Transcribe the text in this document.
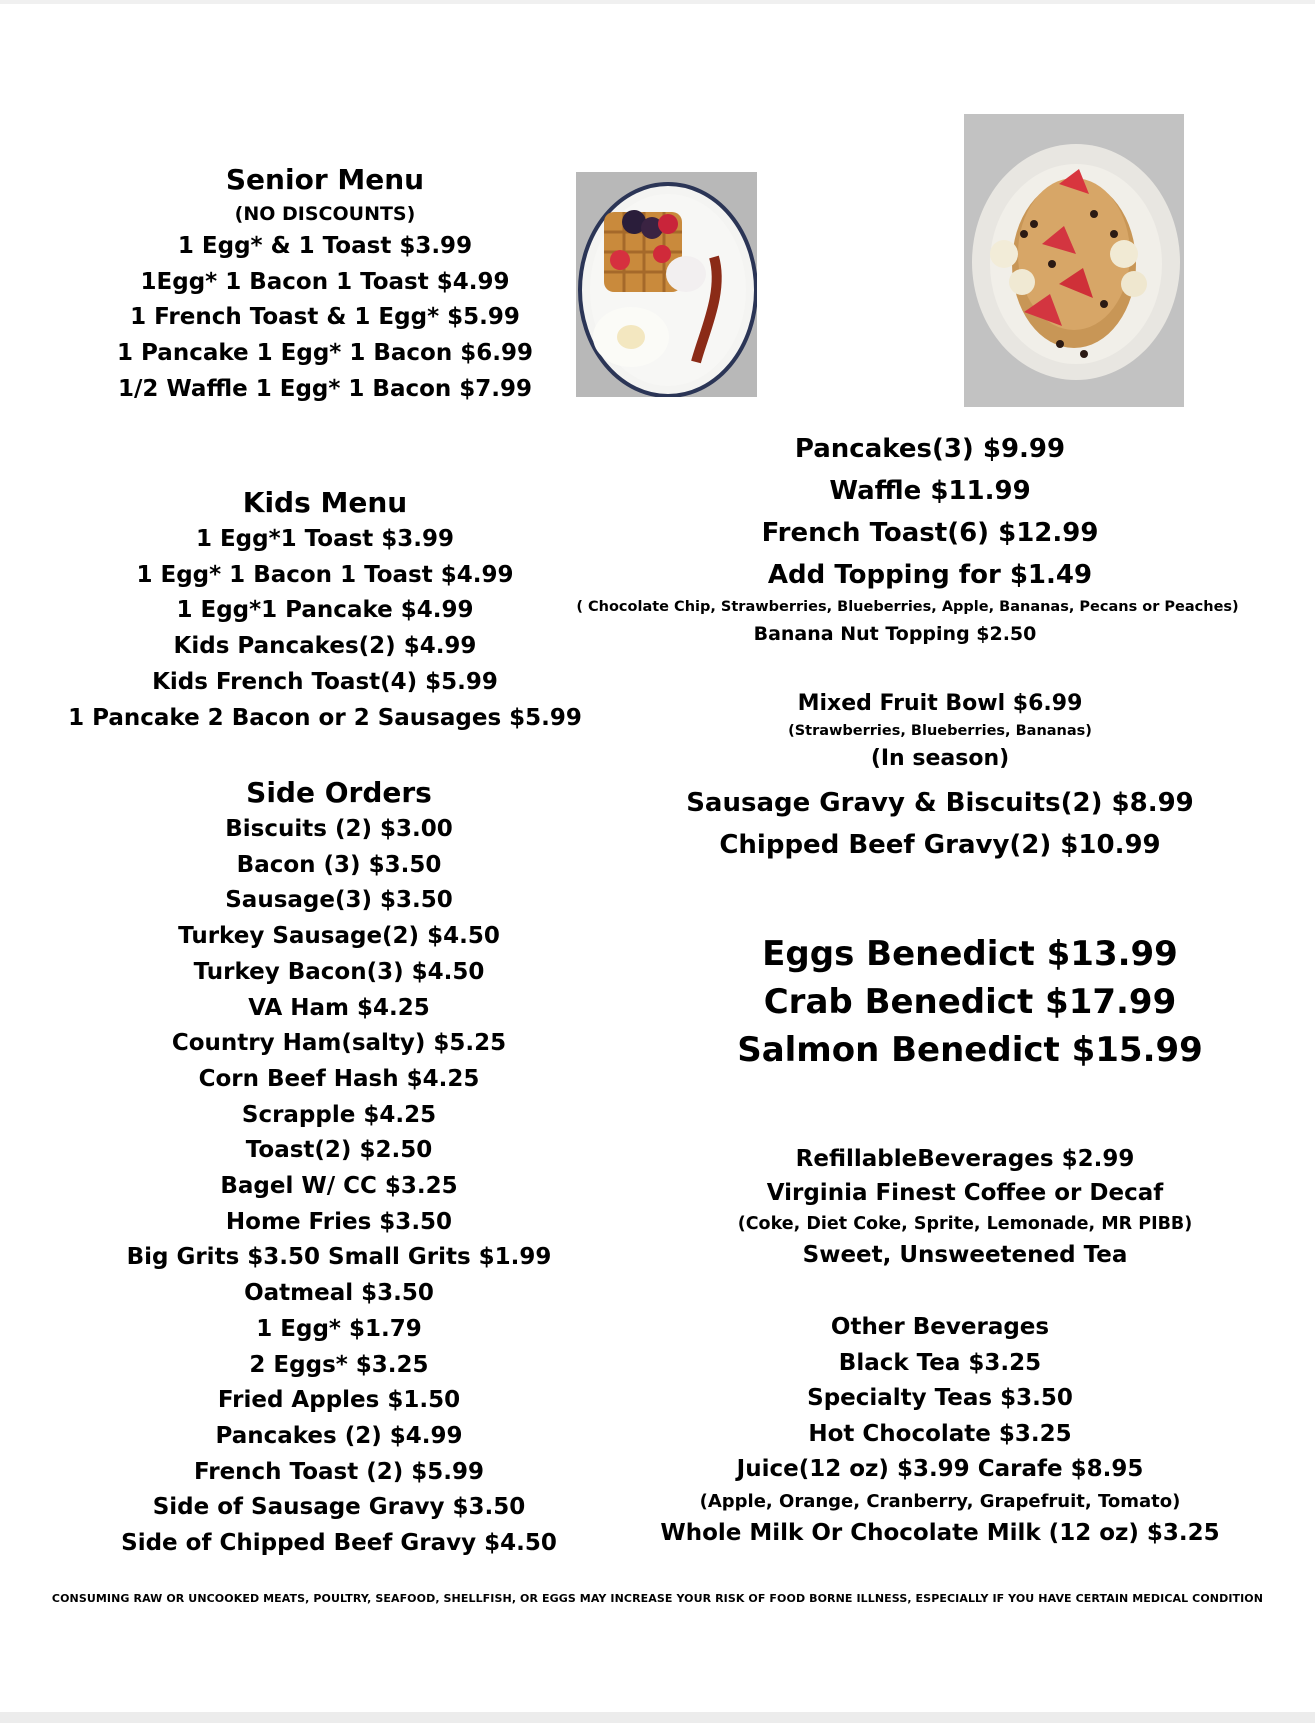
Senior Menu
(NO DISCOUNTS)
1 Egg* & 1 Toast $3.99
1Egg* 1 Bacon 1 Toast $4.99
1 French Toast & 1 Egg* $5.99
1 Pancake 1 Egg* 1 Bacon $6.99
1/2 Waffle 1 Egg* 1 Bacon $7.99
Kids Menu
1 Egg*1 Toast $3.99
1 Egg* 1 Bacon 1 Toast $4.99
1 Egg*1 Pancake $4.99
Kids Pancakes(2) $4.99
Kids French Toast(4) $5.99
1 Pancake 2 Bacon or 2 Sausages $5.99
Side Orders
Biscuits (2) $3.00
Bacon (3) $3.50
Sausage(3) $3.50
Turkey Sausage(2) $4.50
Turkey Bacon(3) $4.50
VA Ham $4.25
Country Ham(salty) $5.25
Corn Beef Hash $4.25
Scrapple $4.25
Toast(2) $2.50
Bagel W/ CC $3.25
Home Fries $3.50
Big Grits $3.50 Small Grits $1.99
Oatmeal $3.50
1 Egg* $1.79
2 Eggs* $3.25
Fried Apples $1.50
Pancakes (2) $4.99
French Toast (2) $5.99
Side of Sausage Gravy $3.50
Side of Chipped Beef Gravy $4.50
Pancakes(3) $9.99
Waffle $11.99
French Toast(6) $12.99
Add Topping for $1.49
( Chocolate Chip, Strawberries, Blueberries, Apple, Bananas, Pecans or Peaches)
Banana Nut Topping $2.50
Mixed Fruit Bowl $6.99
(Strawberries, Blueberries, Bananas)
(In season)
Sausage Gravy & Biscuits(2) $8.99
Chipped Beef Gravy(2) $10.99
Eggs Benedict $13.99
Crab Benedict $17.99
Salmon Benedict $15.99
RefillableBeverages $2.99
Virginia Finest Coffee or Decaf
(Coke, Diet Coke, Sprite, Lemonade, MR PIBB)
Sweet, Unsweetened Tea
Other Beverages
Black Tea $3.25
Specialty Teas $3.50
Hot Chocolate $3.25
Juice(12 oz) $3.99 Carafe $8.95
(Apple, Orange, Cranberry, Grapefruit, Tomato)
Whole Milk Or Chocolate Milk (12 oz) $3.25
CONSUMING RAW OR UNCOOKED MEATS, POULTRY, SEAFOOD, SHELLFISH, OR EGGS MAY INCREASE YOUR RISK OF FOOD BORNE ILLNESS, ESPECIALLY IF YOU HAVE CERTAIN MEDICAL CONDITION
